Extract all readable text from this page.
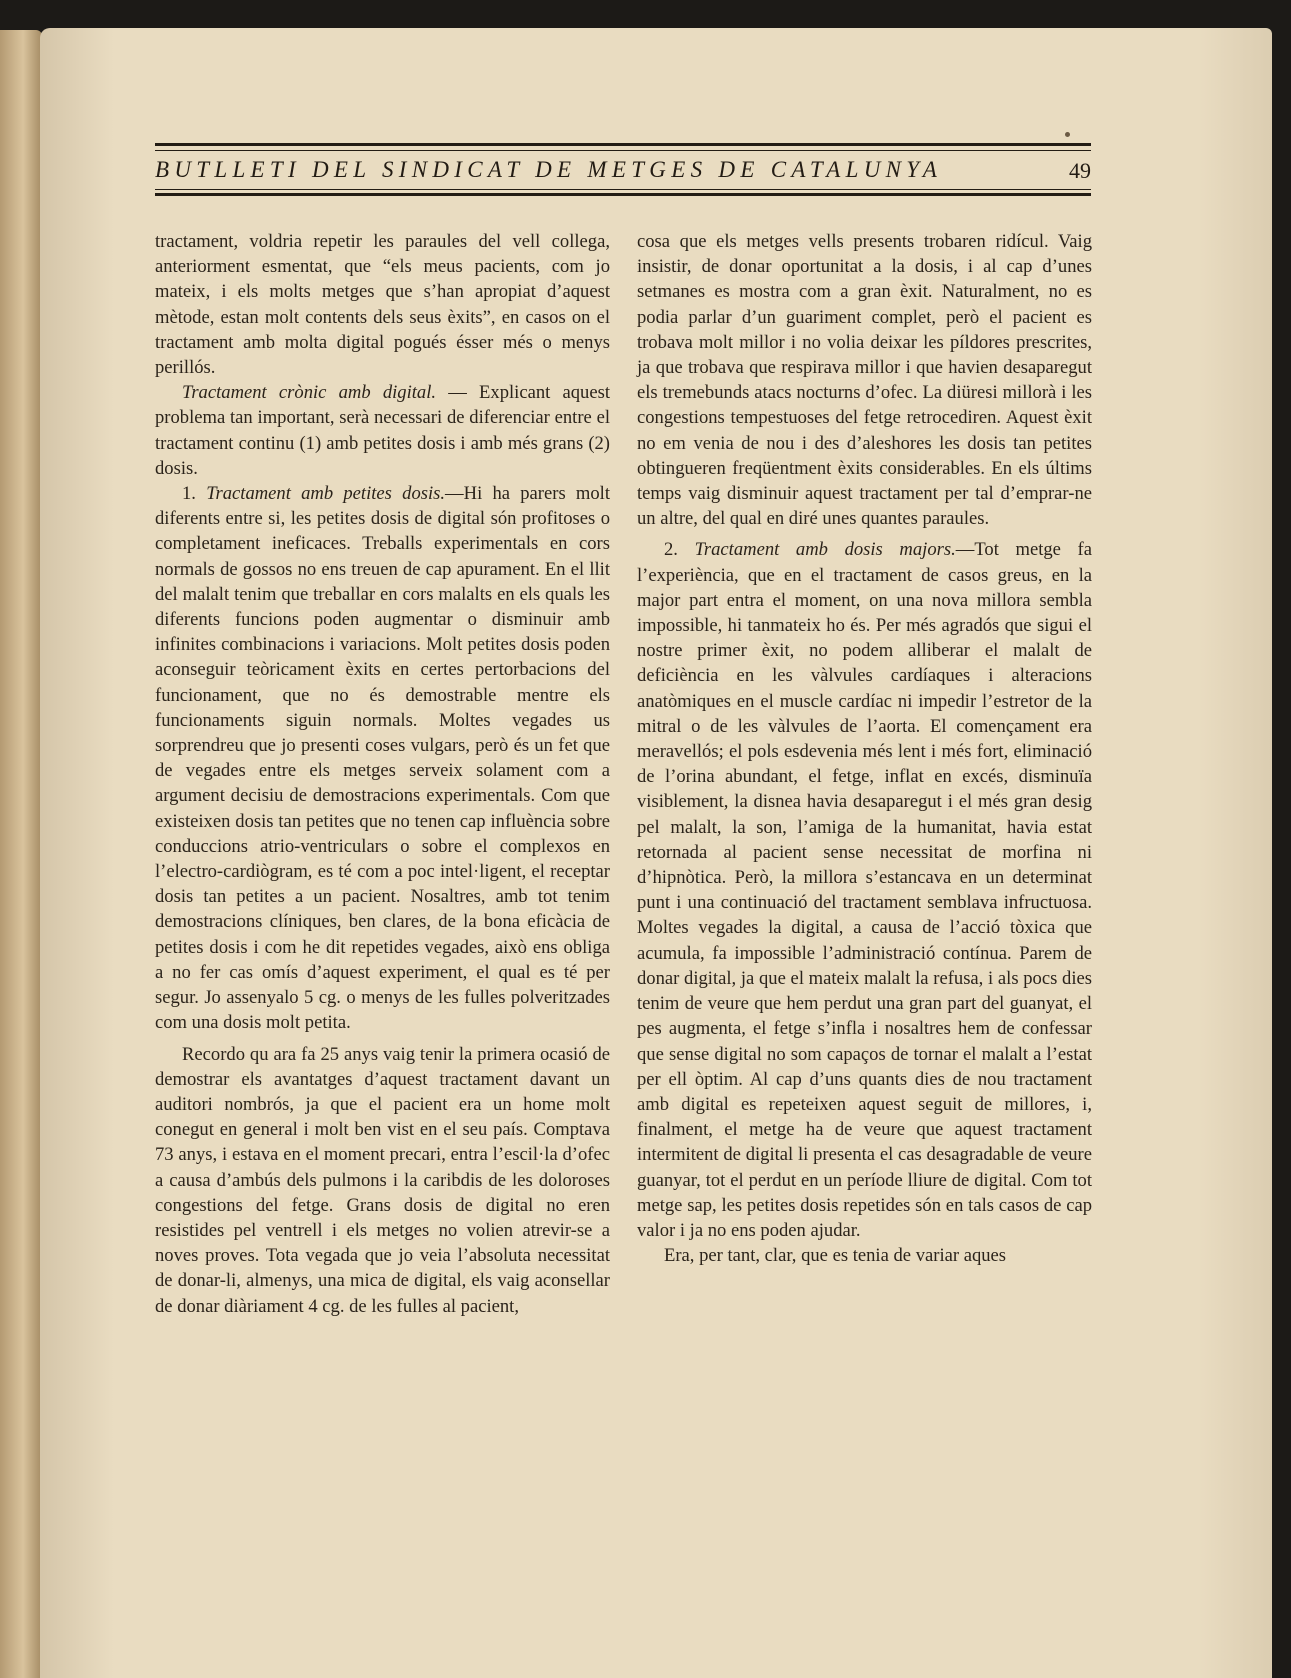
BUTLLETI DEL SINDICAT DE METGES DE CATALUNYA	49

tractament, voldria repetir les paraules del vell collega, anteriorment esmentat, que “els meus pacients, com jo mateix, i els molts metges que s’han apropiat d’aquest mètode, estan molt contents dels seus èxits”, en casos on el tractament amb molta digital pogués ésser més o menys perillós.

Tractament crònic amb digital. — Explicant aquest problema tan important, serà necessari de diferenciar entre el tractament continu (1) amb petites dosis i amb més grans (2) dosis.

1. Tractament amb petites dosis.—Hi ha parers molt diferents entre si, les petites dosis de digital són profitoses o completament ineficaces. Treballs experimentals en cors normals de gossos no ens treuen de cap apurament. En el llit del malalt tenim que treballar en cors malalts en els quals les diferents funcions poden augmentar o disminuir amb infinites combinacions i variacions. Molt petites dosis poden aconseguir teòricament èxits en certes pertorbacions del funcionament, que no és demostrable mentre els funcionaments siguin normals. Moltes vegades us sorprendreu que jo presenti coses vulgars, però és un fet que de vegades entre els metges serveix solament com a argument decisiu de demostracions experimentals. Com que existeixen dosis tan petites que no tenen cap influència sobre conduccions atrio-ventriculars o sobre el complexos en l’electro-cardiògram, es té com a poc intel·ligent, el receptar dosis tan petites a un pacient. Nosaltres, amb tot tenim demostracions clíniques, ben clares, de la bona eficàcia de petites dosis i com he dit repetides vegades, això ens obliga a no fer cas omís d’aquest experiment, el qual es té per segur. Jo assenyalo 5 cg. o menys de les fulles polveritzades com una dosis molt petita.

Recordo qu ara fa 25 anys vaig tenir la primera ocasió de demostrar els avantatges d’aquest tractament davant un auditori nombrós, ja que el pacient era un home molt conegut en general i molt ben vist en el seu país. Comptava 73 anys, i estava en el moment precari, entra l’escil·la d’ofec a causa d’ambús dels pulmons i la caribdis de les doloroses congestions del fetge. Grans dosis de digital no eren resistides pel ventrell i els metges no volien atrevir-se a noves proves. Tota vegada que jo veia l’absoluta necessitat de donar-li, almenys, una mica de digital, els vaig aconsellar de donar diàriament 4 cg. de les fulles al pacient,

cosa que els metges vells presents trobaren ridícul. Vaig insistir, de donar oportunitat a la dosis, i al cap d’unes setmanes es mostra com a gran èxit. Naturalment, no es podia parlar d’un guariment complet, però el pacient es trobava molt millor i no volia deixar les píldores prescrites, ja que trobava que respirava millor i que havien desaparegut els tremebunds atacs nocturns d’ofec. La diüresi millorà i les congestions tempestuoses del fetge retrocediren. Aquest èxit no em venia de nou i des d’aleshores les dosis tan petites obtingueren freqüentment èxits considerables. En els últims temps vaig disminuir aquest tractament per tal d’emprar-ne un altre, del qual en diré unes quantes paraules.

2. Tractament amb dosis majors.—Tot metge fa l’experiència, que en el tractament de casos greus, en la major part entra el moment, on una nova millora sembla impossible, hi tanmateix ho és. Per més agradós que sigui el nostre primer èxit, no podem alliberar el malalt de deficiència en les vàlvules cardíaques i alteracions anatòmiques en el muscle cardíac ni impedir l’estretor de la mitral o de les vàlvules de l’aorta. El començament era meravellós; el pols esdevenia més lent i més fort, eliminació de l’orina abundant, el fetge, inflat en excés, disminuïa visiblement, la disnea havia desaparegut i el més gran desig pel malalt, la son, l’amiga de la humanitat, havia estat retornada al pacient sense necessitat de morfina ni d’hipnòtica. Però, la millora s’estancava en un determinat punt i una continuació del tractament semblava infructuosa. Moltes vegades la digital, a causa de l’acció tòxica que acumula, fa impossible l’administració contínua. Parem de donar digital, ja que el mateix malalt la refusa, i als pocs dies tenim de veure que hem perdut una gran part del guanyat, el pes augmenta, el fetge s’infla i nosaltres hem de confessar que sense digital no som capaços de tornar el malalt a l’estat per ell òptim. Al cap d’uns quants dies de nou tractament amb digital es repeteixen aquest seguit de millores, i, finalment, el metge ha de veure que aquest tractament intermitent de digital li presenta el cas desagradable de veure guanyar, tot el perdut en un període lliure de digital. Com tot metge sap, les petites dosis repetides són en tals casos de cap valor i ja no ens poden ajudar.

Era, per tant, clar, que es tenia de variar aques
